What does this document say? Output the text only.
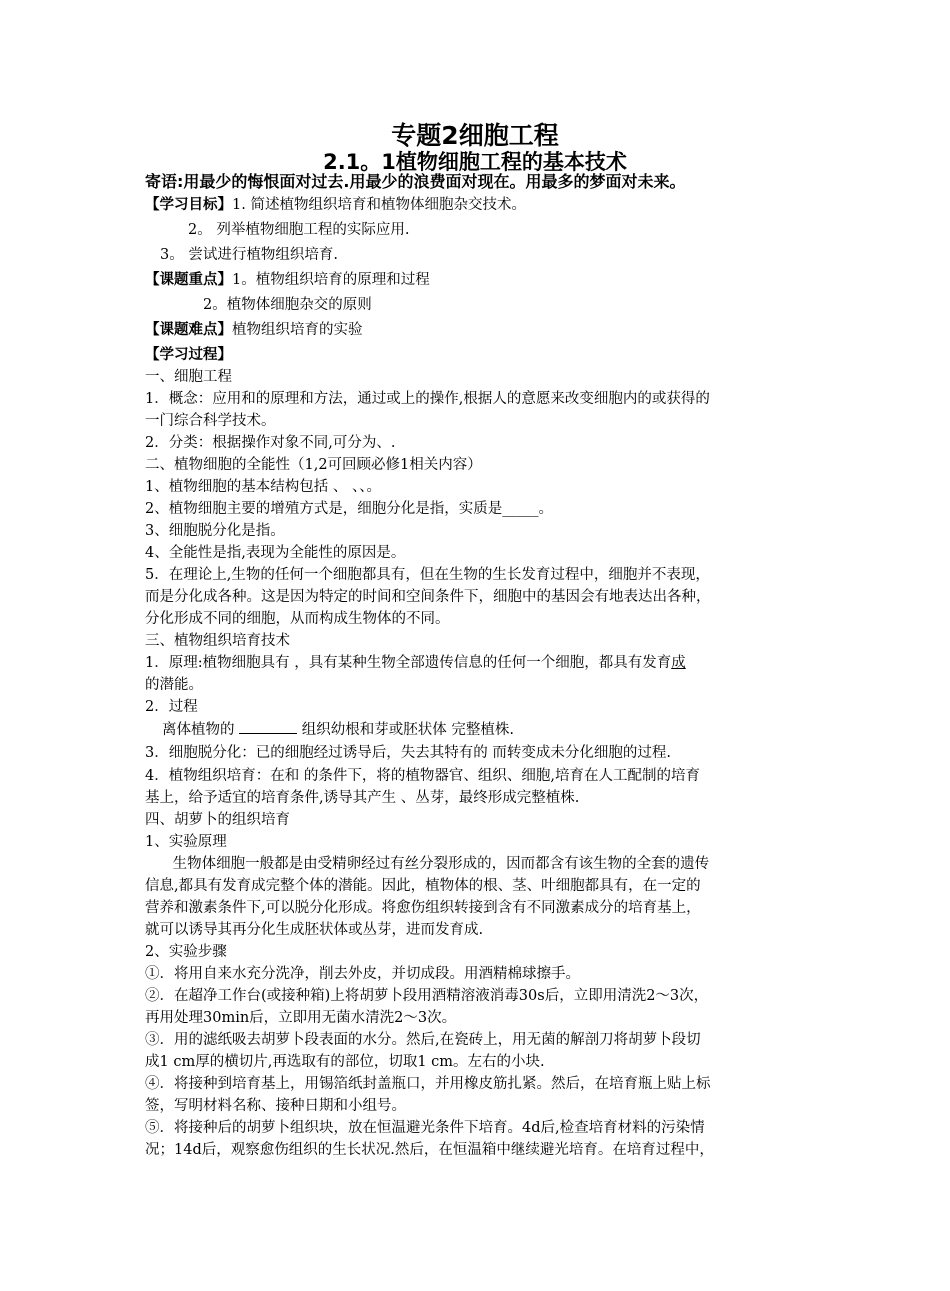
专题2细胞工程
2.1。1植物细胞工程的基本技术
寄语:用最少的悔恨面对过去.用最少的浪费面对现在。用最多的梦面对未来。
【学习目标】1. 简述植物组织培育和植物体细胞杂交技术。
2。 列举植物细胞工程的实际应用.
3。 尝试进行植物组织培育.
【课题重点】1。植物组织培育的原理和过程
2。植物体细胞杂交的原则
【课题难点】植物组织培育的实验
【学习过程】
一、细胞工程
1．概念：应用和的原理和方法，通过或上的操作,根据人的意愿来改变细胞内的或获得的
一门综合科学技术。
2．分类：根据操作对象不同,可分为、.
二、植物细胞的全能性（1,2可回顾必修1相关内容）
1、植物细胞的基本结构包括 、 、、。
2、植物细胞主要的增殖方式是，细胞分化是指，实质是_____。
3、细胞脱分化是指。
4、全能性是指,表现为全能性的原因是。
5．在理论上,生物的任何一个细胞都具有，但在生物的生长发育过程中，细胞并不表现，
而是分化成各种。这是因为特定的时间和空间条件下，细胞中的基因会有地表达出各种，
分化形成不同的细胞，从而构成生物体的不同。
三、植物组织培育技术
1．原理:植物细胞具有 ，具有某种生物全部遗传信息的任何一个细胞，都具有发育成
的潜能。
2．过程
离体植物的	组织幼根和芽或胚状体 完整植株.
3．细胞脱分化：已的细胞经过诱导后，失去其特有的 而转变成未分化细胞的过程.
4．植物组织培育：在和 的条件下，将的植物器官、组织、细胞,培育在人工配制的培育
基上，给予适宜的培育条件,诱导其产生 、丛芽，最终形成完整植株.
四、胡萝卜的组织培育
1、实验原理
生物体细胞一般都是由受精卵经过有丝分裂形成的，因而都含有该生物的全套的遗传
信息,都具有发育成完整个体的潜能。因此，植物体的根、茎、叶细胞都具有，在一定的
营养和激素条件下,可以脱分化形成。将愈伤组织转接到含有不同激素成分的培育基上，
就可以诱导其再分化生成胚状体或丛芽，进而发育成.
2、实验步骤
①．将用自来水充分洗净，削去外皮，并切成段。用酒精棉球擦手。
②．在超净工作台(或接种箱)上将胡萝卜段用酒精溶液消毒30s后，立即用清洗2～3次，
再用处理30min后，立即用无菌水清洗2～3次。
③．用的滤纸吸去胡萝卜段表面的水分。然后,在瓷砖上，用无菌的解剖刀将胡萝卜段切
成1 cm厚的横切片,再选取有的部位，切取1 cm。左右的小块.
④．将接种到培育基上，用锡箔纸封盖瓶口，并用橡皮筋扎紧。然后，在培育瓶上贴上标
签，写明材料名称、接种日期和小组号。
⑤．将接种后的胡萝卜组织块，放在恒温避光条件下培育。4d后,检查培育材料的污染情
况；14d后，观察愈伤组织的生长状况.然后，在恒温箱中继续避光培育。在培育过程中，
